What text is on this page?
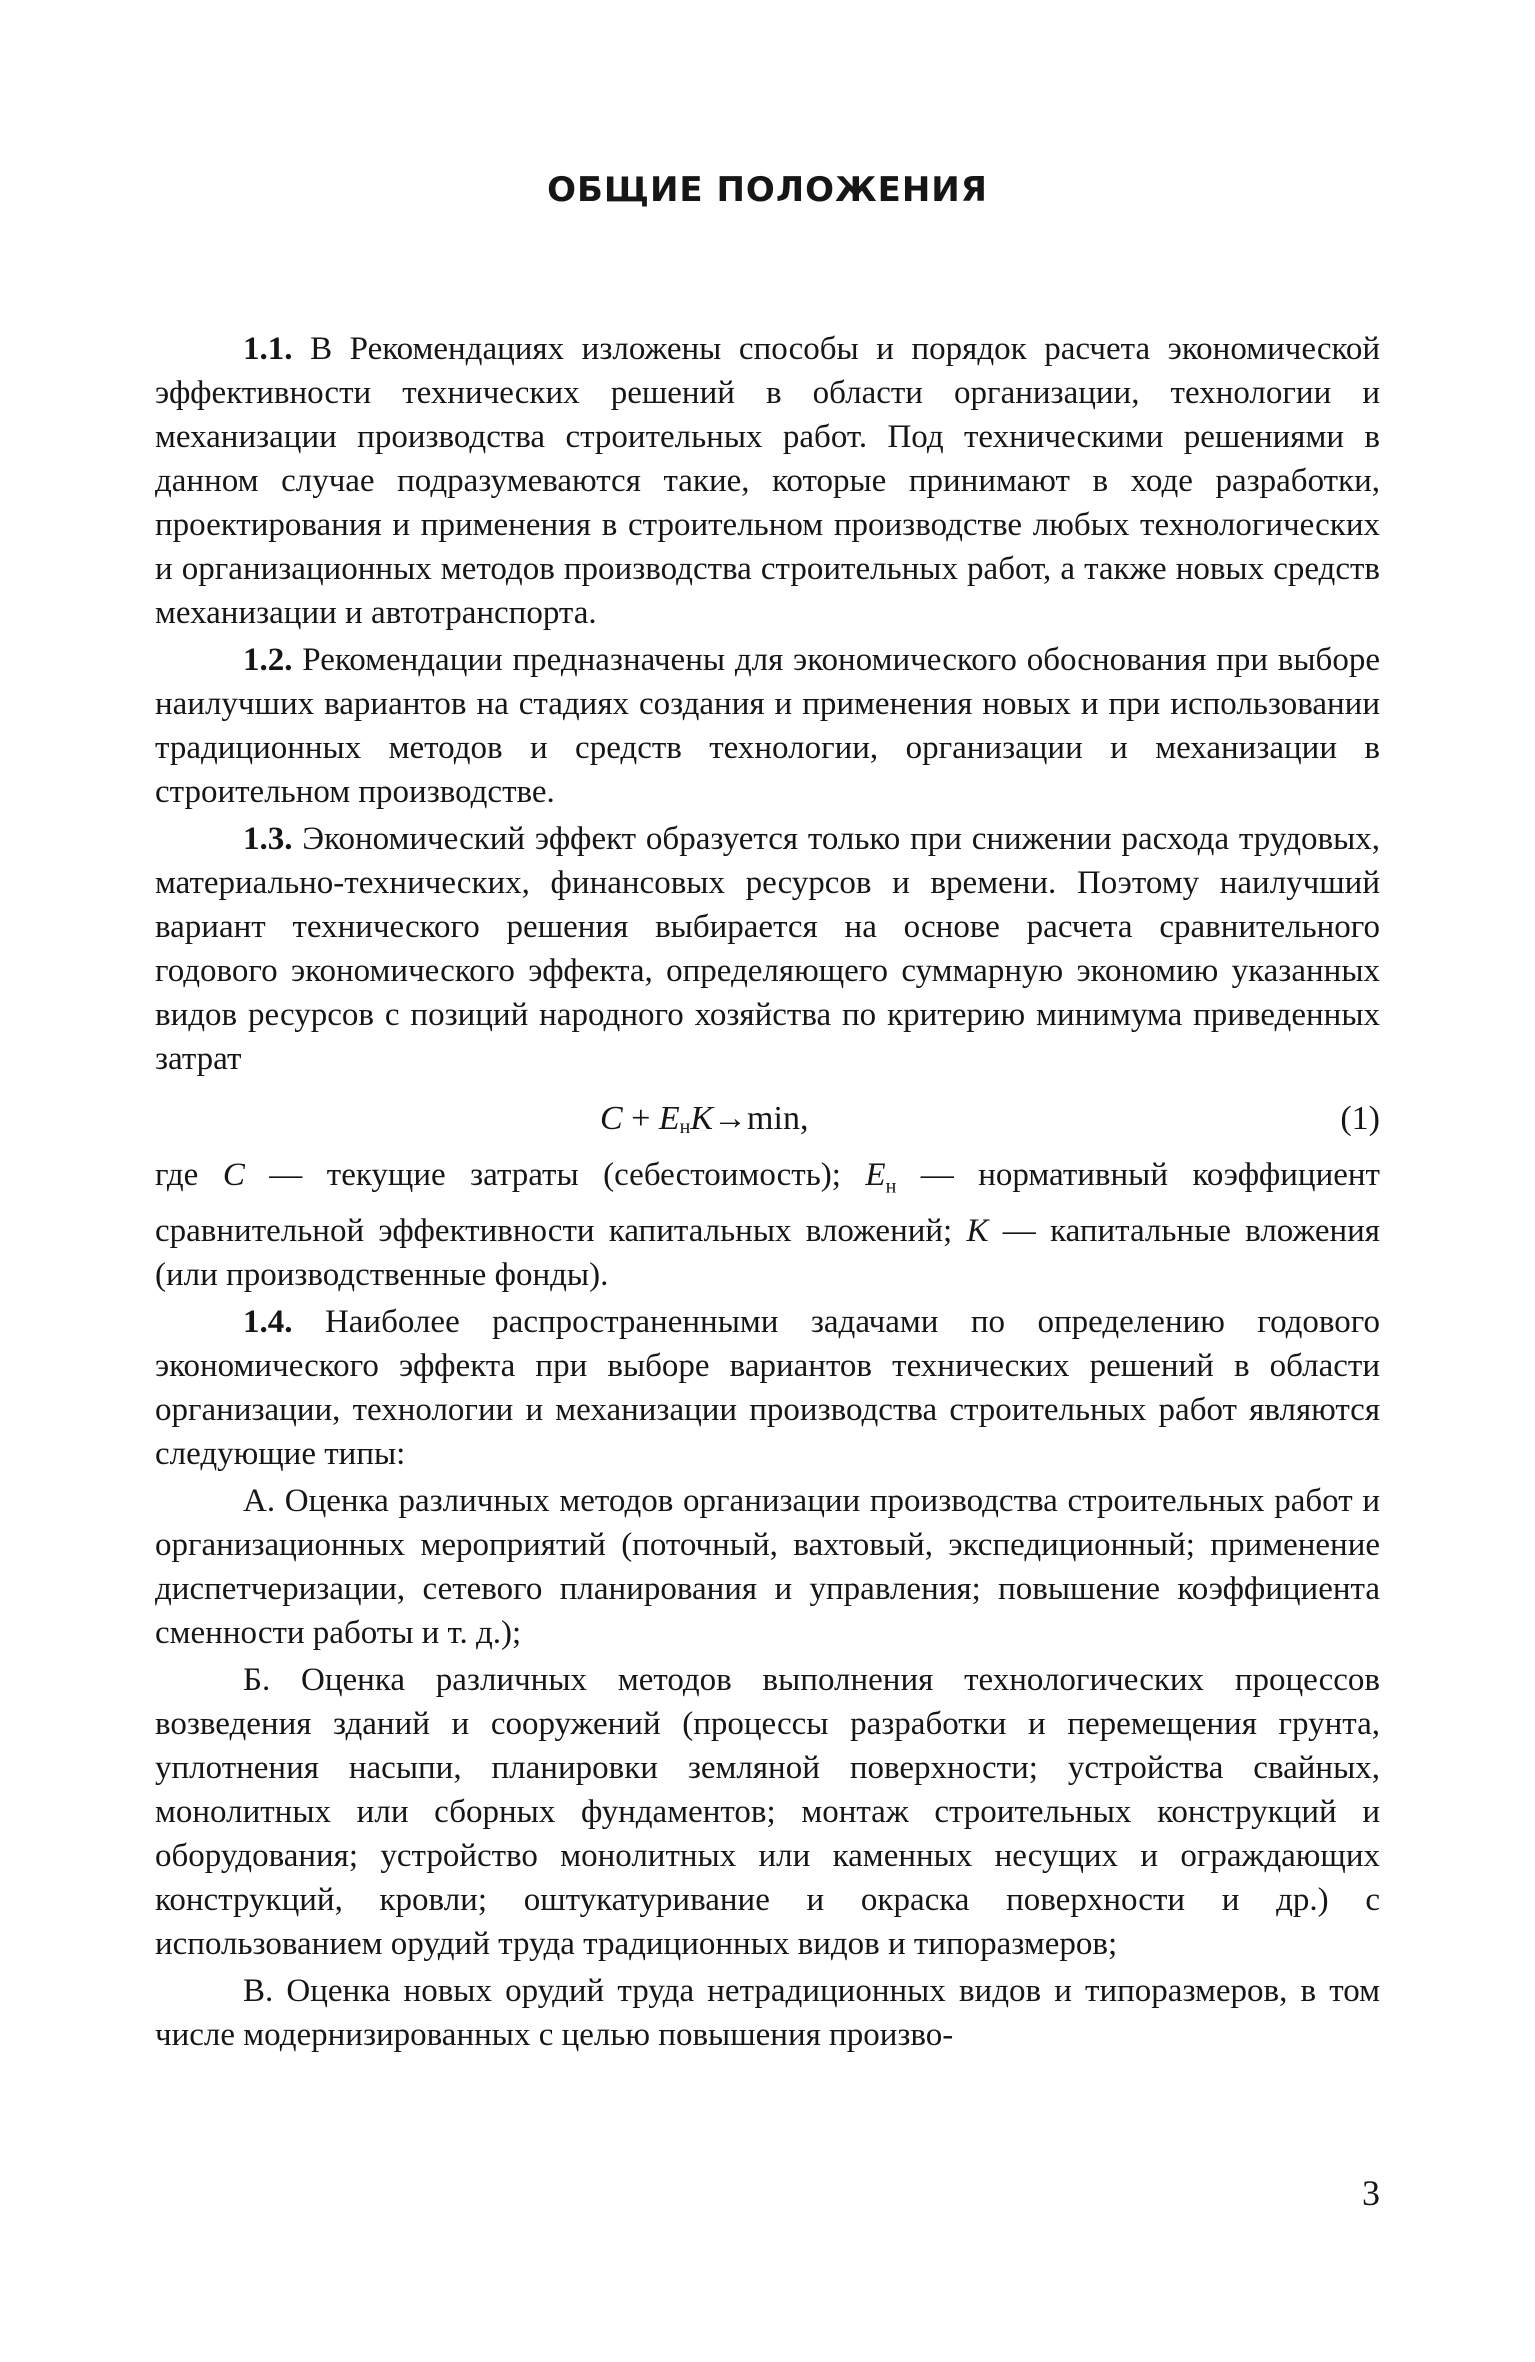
ОБЩИЕ ПОЛОЖЕНИЯ

1.1. В Рекомендациях изложены способы и порядок расчета экономической эффективности технических решений в области организации, технологии и механизации производства строительных работ. Под техническими решениями в данном случае подразумеваются такие, которые принимают в ходе разработки, проектирования и применения в строительном производстве любых технологических и организационных методов производства строительных работ, а также новых средств механизации и автотранспорта.

1.2. Рекомендации предназначены для экономического обоснования при выборе наилучших вариантов на стадиях создания и применения новых и при использовании традиционных методов и средств технологии, организации и механизации в строительном производстве.

1.3. Экономический эффект образуется только при снижении расхода трудовых, материально-технических, финансовых ресурсов и времени. Поэтому наилучший вариант технического решения выбирается на основе расчета сравнительного годового экономического эффекта, определяющего суммарную экономию указанных видов ресурсов с позиций народного хозяйства по критерию минимума приведенных затрат

$C + E_нK\to\min$,	(1)

где C — текущие затраты (себестоимость); $E_н$ — нормативный коэффициент сравнительной эффективности капитальных вложений; K — капитальные вложения (или производственные фонды).

1.4. Наиболее распространенными задачами по определению годового экономического эффекта при выборе вариантов технических решений в области организации, технологии и механизации производства строительных работ являются следующие типы:

А. Оценка различных методов организации производства строительных работ и организационных мероприятий (поточный, вахтовый, экспедиционный; применение диспетчеризации, сетевого планирования и управления; повышение коэффициента сменности работы и т. д.);

Б. Оценка различных методов выполнения технологических процессов возведения зданий и сооружений (процессы разработки и перемещения грунта, уплотнения насыпи, планировки земляной поверхности; устройства свайных, монолитных или сборных фундаментов; монтаж строительных конструкций и оборудования; устройство монолитных или каменных несущих и ограждающих конструкций, кровли; оштукатуривание и окраска поверхности и др.) с использованием орудий труда традиционных видов и типоразмеров;

В. Оценка новых орудий труда нетрадиционных видов и типоразмеров, в том числе модернизированных с целью повышения произво-

3
